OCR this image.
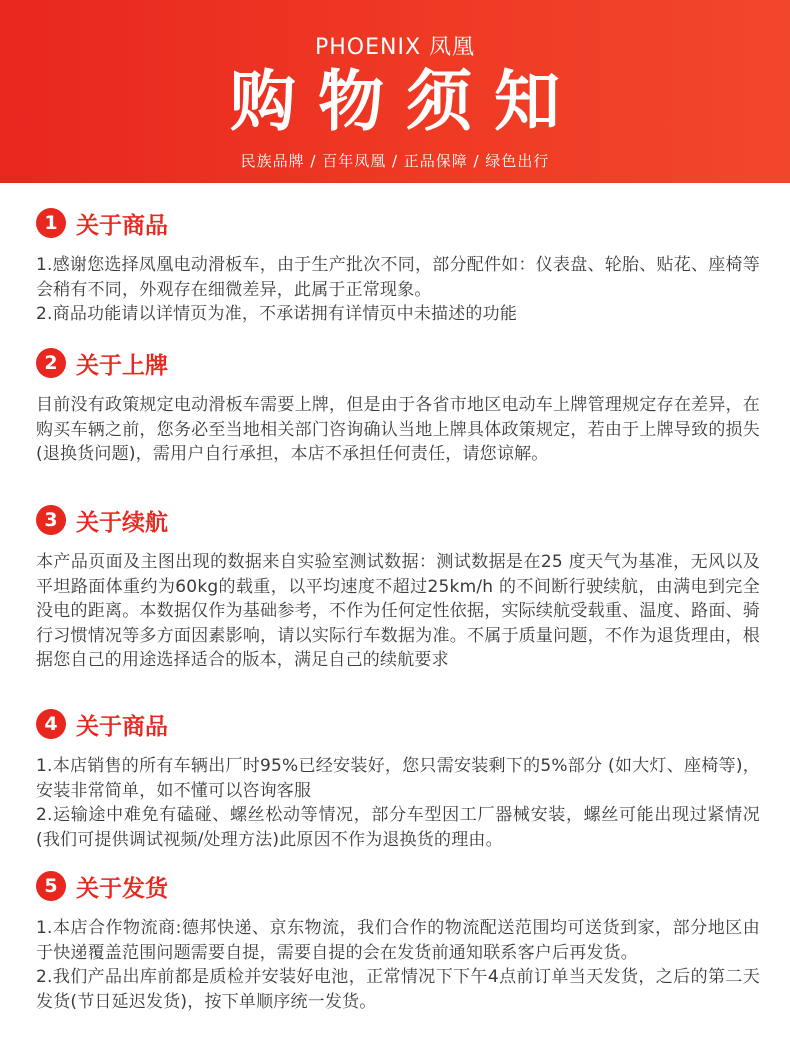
PHOENIX 凤凰
购物须知
民族品牌 / 百年凤凰 / 正品保障 / 绿色出行
1 关于商品

1.感谢您选择凤凰电动滑板车，由于生产批次不同，部分配件如：仪表盘、轮胎、贴花、座椅等会稍有不同，外观存在细微差异，此属于正常现象。

2.商品功能请以详情页为准，不承诺拥有详情页中未描述的功能

2 关于上牌

目前没有政策规定电动滑板车需要上牌，但是由于各省市地区电动车上牌管理规定存在差异，在购买车辆之前，您务必至当地相关部门咨询确认当地上牌具体政策规定，若由于上牌导致的损失(退换货问题)，需用户自行承担，本店不承担任何责任，请您谅解。

3 关于续航

本产品页面及主图出现的数据来自实验室测试数据：测试数据是在25 度天气为基准，无风以及平坦路面体重约为60kg的载重，以平均速度不超过25km/h 的不间断行驶续航，由满电到完全没电的距离。本数据仅作为基础参考，不作为任何定性依据，实际续航受载重、温度、路面、骑行习惯情况等多方面因素影响，请以实际行车数据为准。不属于质量问题，不作为退货理由，根据您自己的用途选择适合的版本，满足自己的续航要求

4 关于商品

1.本店销售的所有车辆出厂时95%已经安装好，您只需安装剩下的5%部分 (如大灯、座椅等)，安装非常简单，如不懂可以咨询客服

2.运输途中难免有磕碰、螺丝松动等情况，部分车型因工厂器械安装，螺丝可能出现过紧情况(我们可提供调试视频/处理方法)此原因不作为退换货的理由。

5 关于发货

1.本店合作物流商:德邦快递、京东物流，我们合作的物流配送范围均可送货到家，部分地区由于快递覆盖范围问题需要自提，需要自提的会在发货前通知联系客户后再发货。

2.我们产品出库前都是质检并安装好电池，正常情况下下午4点前订单当天发货，之后的第二天发货(节日延迟发货)，按下单顺序统一发货。
